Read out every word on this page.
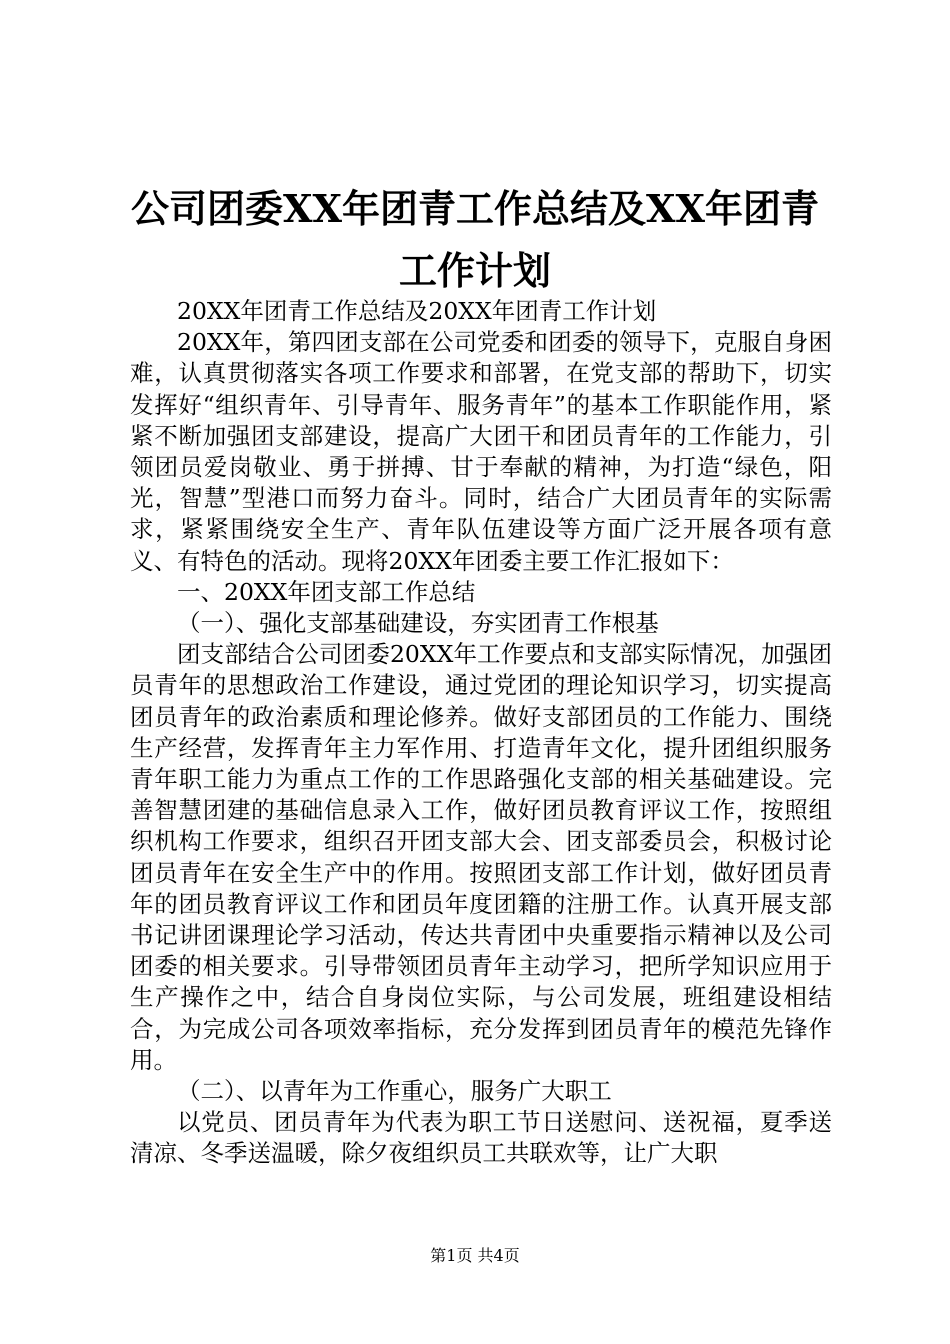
公司团委XX年团青工作总结及XX年团青工作计划

20XX年团青工作总结及20XX年团青工作计划

20XX年，第四团支部在公司党委和团委的领导下，克服自身困难，认真贯彻落实各项工作要求和部署，在党支部的帮助下，切实发挥好“组织青年、引导青年、服务青年”的基本工作职能作用，紧紧不断加强团支部建设，提高广大团干和团员青年的工作能力，引领团员爱岗敬业、勇于拼搏、甘于奉献的精神，为打造“绿色，阳光，智慧”型港口而努力奋斗。同时，结合广大团员青年的实际需求，紧紧围绕安全生产、青年队伍建设等方面广泛开展各项有意义、有特色的活动。现将20XX年团委主要工作汇报如下：

一、20XX年团支部工作总结

（一）、强化支部基础建设，夯实团青工作根基

团支部结合公司团委20XX年工作要点和支部实际情况，加强团员青年的思想政治工作建设，通过党团的理论知识学习，切实提高团员青年的政治素质和理论修养。做好支部团员的工作能力、围绕生产经营，发挥青年主力军作用、打造青年文化，提升团组织服务青年职工能力为重点工作的工作思路强化支部的相关基础建设。完善智慧团建的基础信息录入工作，做好团员教育评议工作，按照组织机构工作要求，组织召开团支部大会、团支部委员会，积极讨论团员青年在安全生产中的作用。按照团支部工作计划，做好团员青年的团员教育评议工作和团员年度团籍的注册工作。认真开展支部书记讲团课理论学习活动，传达共青团中央重要指示精神以及公司团委的相关要求。引导带领团员青年主动学习，把所学知识应用于生产操作之中，结合自身岗位实际，与公司发展，班组建设相结合，为完成公司各项效率指标，充分发挥到团员青年的模范先锋作用。

（二）、以青年为工作重心，服务广大职工

以党员、团员青年为代表为职工节日送慰问、送祝福，夏季送清凉、冬季送温暖，除夕夜组织员工共联欢等，让广大职

第1页 共4页
